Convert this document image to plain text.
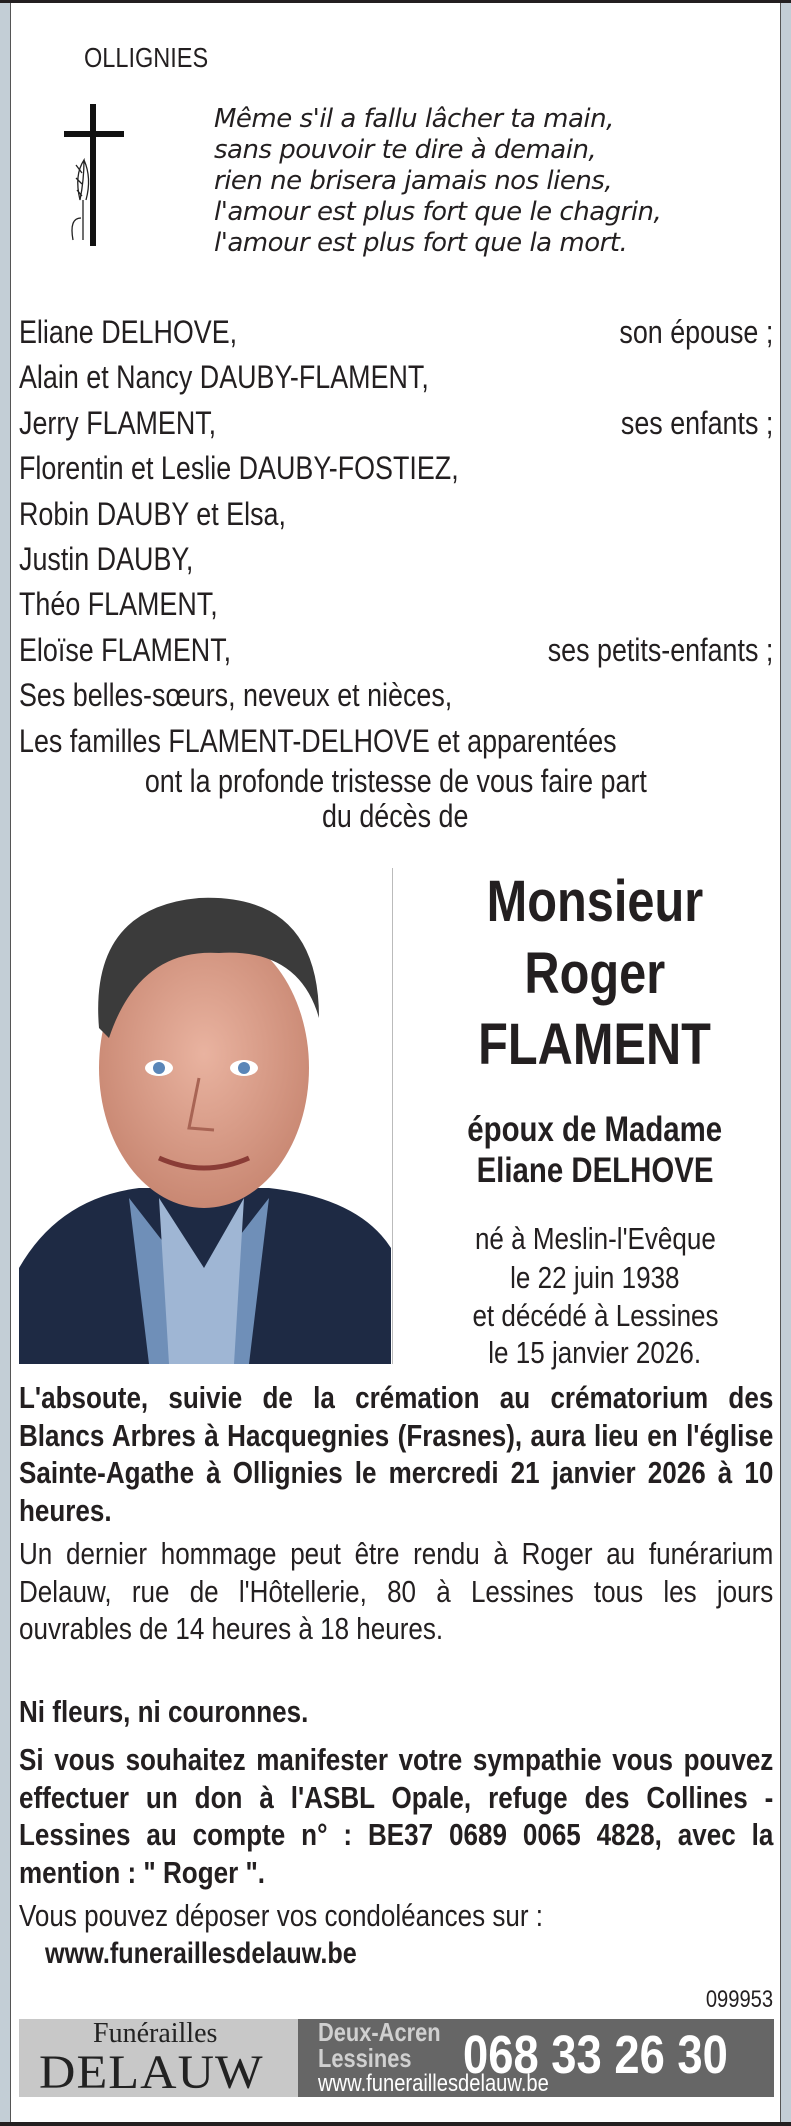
OLLIGNIES
Même s'il a fallu lâcher ta main,
sans pouvoir te dire à demain,
rien ne brisera jamais nos liens,
l'amour est plus fort que le chagrin,
l'amour est plus fort que la mort.
Eliane DELHOVE,	son épouse ;
Alain et Nancy DAUBY-FLAMENT,
Jerry FLAMENT,	ses enfants ;
Florentin et Leslie DAUBY-FOSTIEZ,
Robin DAUBY et Elsa,
Justin DAUBY,
Théo FLAMENT,
Eloïse FLAMENT,	ses petits-enfants ;
Ses belles-sœurs, neveux et nièces,
Les familles FLAMENT-DELHOVE et apparentées
ont la profonde tristesse de vous faire part
du décès de
Monsieur
Roger
FLAMENT
époux de Madame
Eliane DELHOVE
né à Meslin-l'Evêque
le 22 juin 1938
et décédé à Lessines
le 15 janvier 2026.
L'absoute, suivie de la crémation au crématorium des Blancs Arbres à Hacquegnies (Frasnes), aura lieu en l'église Sainte-Agathe à Ollignies le mercredi 21 janvier 2026 à 10 heures.
Un dernier hommage peut être rendu à Roger au funérarium Delauw, rue de l'Hôtellerie, 80 à Lessines tous les jours ouvrables de 14 heures à 18 heures.
Ni fleurs, ni couronnes.
Si vous souhaitez manifester votre sympathie vous pouvez effectuer un don à l'ASBL Opale, refuge des Collines - Lessines au compte n° : BE37 0689 0065 4828, avec la mention : " Roger ".
Vous pouvez déposer vos condoléances sur :
www.funeraillesdelauw.be
099953
Funérailles
DELAUW
Deux-Acren
Lessines
www.funeraillesdelauw.be
068 33 26 30
